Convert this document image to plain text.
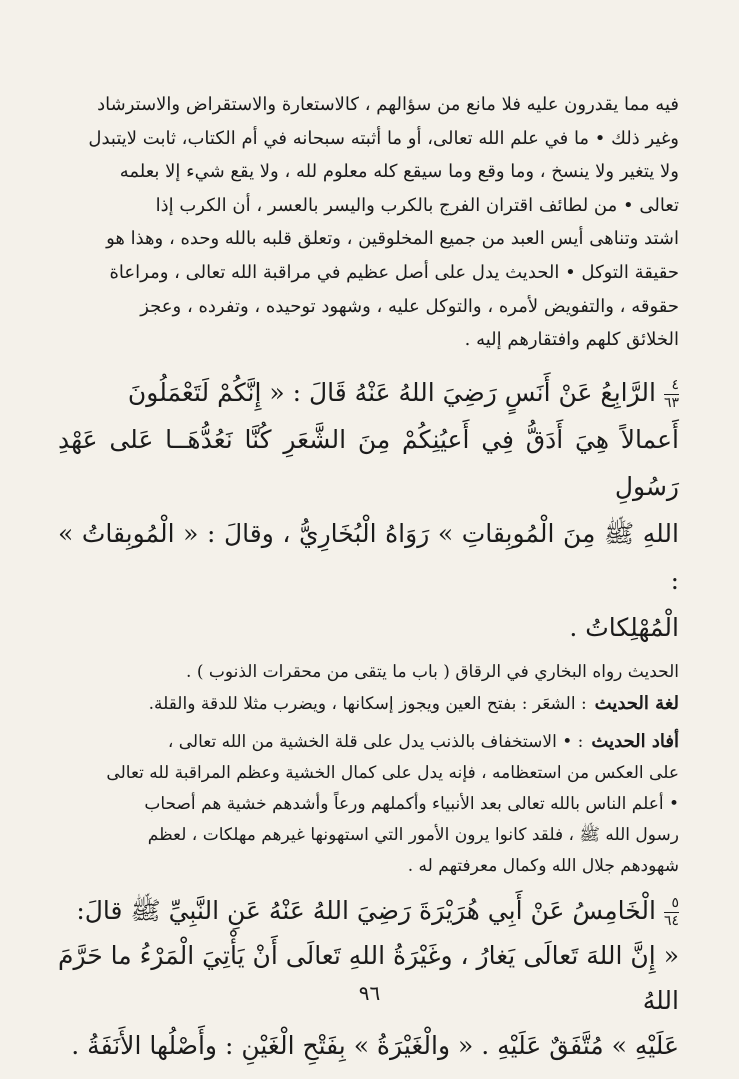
فيه مما يقدرون عليه فلا مانع من سؤالهم ، كالاستعارة والاستقراض والاسترشاد

وغير ذلك • ما في علم الله تعالى، أو ما أثبته سبحانه في أم الكتاب، ثابت لايتبدل

ولا يتغير ولا ينسخ ، وما وقع وما سيقع كله معلوم لله ، ولا يقع شيء إلا بعلمه

تعالى • من لطائف اقتران الفرج بالكرب واليسر بالعسر ، أن الكرب إذا

اشتد وتناهى أيس العبد من جميع المخلوقين ، وتعلق قلبه بالله وحده ، وهذا هو

حقيقة التوكل • الحديث يدل على أصل عظيم في مراقبة الله تعالى ، ومراعاة

حقوقه ، والتفويض لأمره ، والتوكل عليه ، وشهود توحيده ، وتفرده ، وعجز

الخلائق كلهم وافتقارهم إليه .

٤
٦٣الرَّابِعُ عَنْ أَنَسٍ رَضِيَ اللهُ عَنْهُ قَالَ : « إِنَّكُمْ لَتَعْمَلُونَ

أَعمالاً هِيَ أَدَقُّ فِي أَعيُنِكُمْ مِنَ الشَّعَرِ كُنَّا نَعُدُّهَــا عَلى عَهْدِ رَسُولِ

اللهِ ﷺ مِنَ الْمُوبِقاتِ » رَوَاهُ الْبُخَارِيُّ ، وقالَ : « الْمُوبِقاتُ » :

الْمُهْلِكاتُ .

الحديث رواه البخاري في الرقاق ( باب ما يتقى من محقرات الذنوب ) .

لغة الحديث: الشعَر : بفتح العين ويجوز إسكانها ، ويضرب مثلا للدقة والقلة.

أفاد الحديث: • الاستخفاف بالذنب يدل على قلة الخشية من الله تعالى ،

على العكس من استعظامه ، فإنه يدل على كمال الخشية وعظم المراقبة لله تعالى

• أعلم الناس بالله تعالى بعد الأنبياء وأكملهم ورعاً وأشدهم خشية هم أصحاب

رسول الله ﷺ ، فلقد كانوا يرون الأمور التي استهونها غيرهم مهلكات ، لعظم

شهودهم جلال الله وكمال معرفتهم له .

٥
٦٤الْخَامِسُ عَنْ أَبِي هُرَيْرَةَ رَضِيَ اللهُ عَنْهُ عَنِ النَّبِيِّ ﷺ قالَ:

« إِنَّ اللهَ تَعالَى يَغارُ ، وغَيْرَةُ اللهِ تَعالَى أَنْ يَأْتِيَ الْمَرْءُ ما حَرَّمَ اللهُ

عَلَيْهِ » مُتَّفَقٌ عَلَيْهِ . « والْغَيْرَةُ » بِفَتْحِ الْغَيْنِ : وأَصْلُها الأَنَفَةُ .

٩٦
